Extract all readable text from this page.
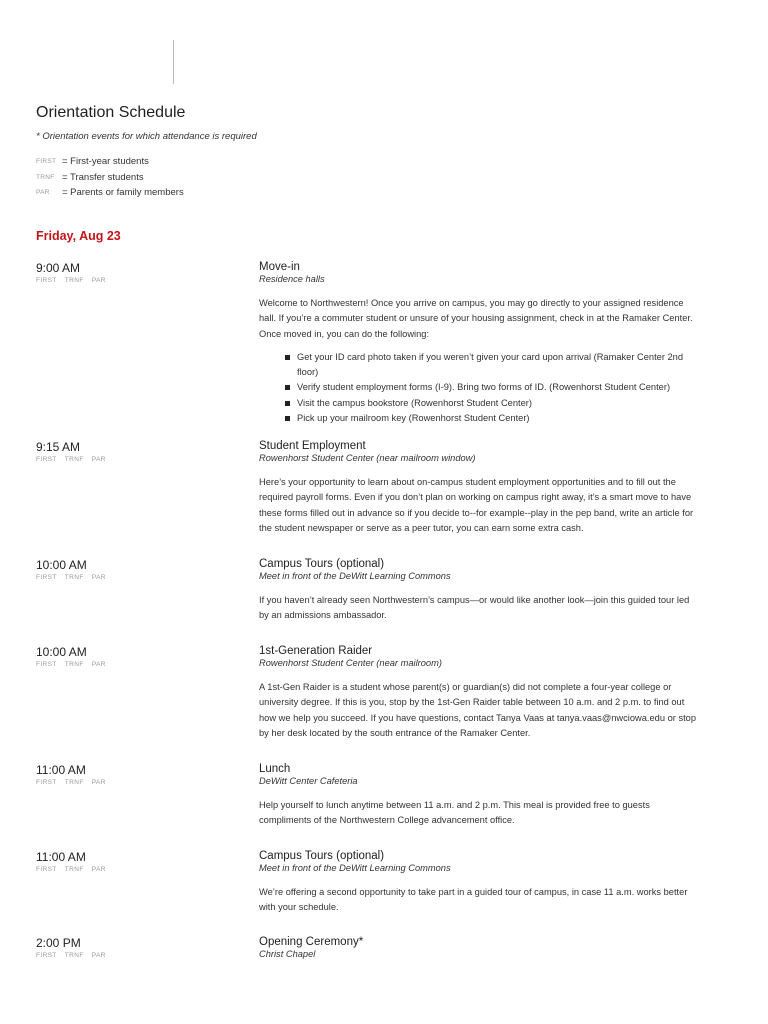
Orientation Schedule
* Orientation events for which attendance is required
FIRST = First-year students
TRNF = Transfer students
PAR	= Parents or family members
Friday, Aug 23
9:00 AM
FIRST TRNF PAR
Move-in
Residence halls
Welcome to Northwestern! Once you arrive on campus, you may go directly to your assigned residence hall. If you’re a commuter student or unsure of your housing assignment, check in at the Ramaker Center. Once moved in, you can do the following:
Get your ID card photo taken if you weren’t given your card upon arrival (Ramaker Center 2nd floor)
Verify student employment forms (I-9). Bring two forms of ID. (Rowenhorst Student Center)
Visit the campus bookstore (Rowenhorst Student Center)
Pick up your mailroom key (Rowenhorst Student Center)
9:15 AM
FIRST TRNF PAR
Student Employment
Rowenhorst Student Center (near mailroom window)
Here’s your opportunity to learn about on-campus student employment opportunities and to fill out the required payroll forms. Even if you don’t plan on working on campus right away, it’s a smart move to have these forms filled out in advance so if you decide to--for example--play in the pep band, write an article for the student newspaper or serve as a peer tutor, you can earn some extra cash.
10:00 AM
FIRST TRNF PAR
Campus Tours (optional)
Meet in front of the DeWitt Learning Commons
If you haven’t already seen Northwestern’s campus—or would like another look—join this guided tour led by an admissions ambassador.
10:00 AM
FIRST TRNF PAR
1st-Generation Raider
Rowenhorst Student Center (near mailroom)
A 1st-Gen Raider is a student whose parent(s) or guardian(s) did not complete a four-year college or university degree. If this is you, stop by the 1st-Gen Raider table between 10 a.m. and 2 p.m. to find out how we help you succeed. If you have questions, contact Tanya Vaas at tanya.vaas@nwciowa.edu or stop by her desk located by the south entrance of the Ramaker Center.
11:00 AM
FIRST TRNF PAR
Lunch
DeWitt Center Cafeteria
Help yourself to lunch anytime between 11 a.m. and 2 p.m. This meal is provided free to guests compliments of the Northwestern College advancement office.
11:00 AM
FIRST TRNF PAR
Campus Tours (optional)
Meet in front of the DeWitt Learning Commons
We’re offering a second opportunity to take part in a guided tour of campus, in case 11 a.m. works better with your schedule.
2:00 PM
FIRST TRNF PAR
Opening Ceremony*
Christ Chapel
